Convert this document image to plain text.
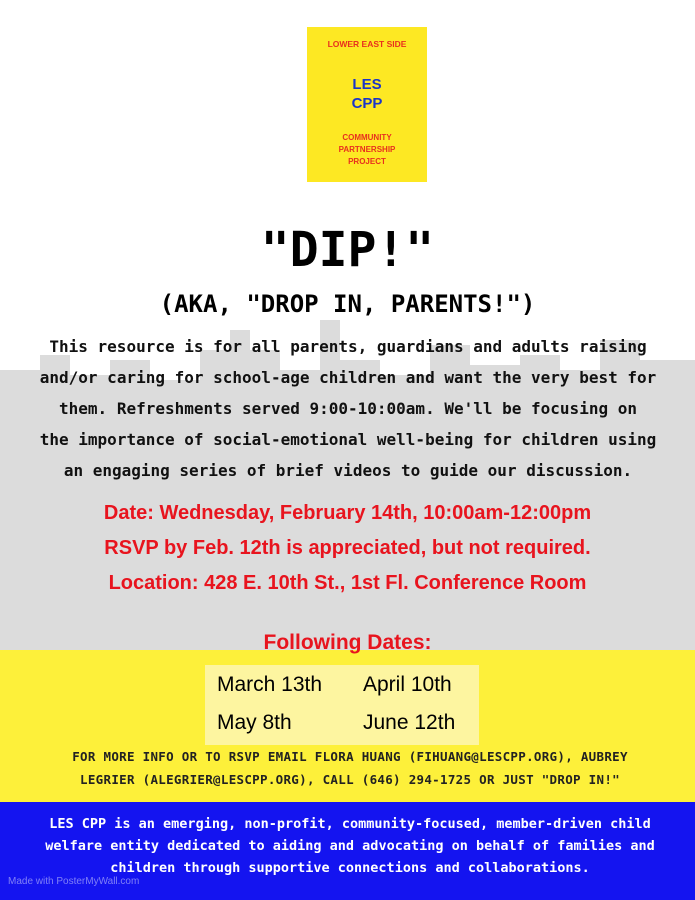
LOWER EAST SIDE
LES
CPP
COMMUNITY
PARTNERSHIP
PROJECT
"DIP!"
(AKA, "DROP IN, PARENTS!")
This resource is for all parents, guardians and adults raising
and/or caring for school-age children and want the very best for
them. Refreshments served 9:00-10:00am. We'll be focusing on
the importance of social-emotional well-being for children using
an engaging series of brief videos to guide our discussion.
Date: Wednesday, February 14th, 10:00am-12:00pm
RSVP by Feb. 12th is appreciated, but not required.
Location: 428 E. 10th St., 1st Fl. Conference Room
Following Dates:
March 13th April 10th
May 8th	June 12th
FOR MORE INFO OR TO RSVP EMAIL FLORA HUANG (FIHUANG@LESCPP.ORG), AUBREY
LEGRIER (ALEGRIER@LESCPP.ORG), CALL (646) 294-1725 OR JUST "DROP IN!"
LES CPP is an emerging, non-profit, community-focused, member-driven child
welfare entity dedicated to aiding and advocating on behalf of families and
children through supportive connections and collaborations.
Made with PosterMyWall.com
